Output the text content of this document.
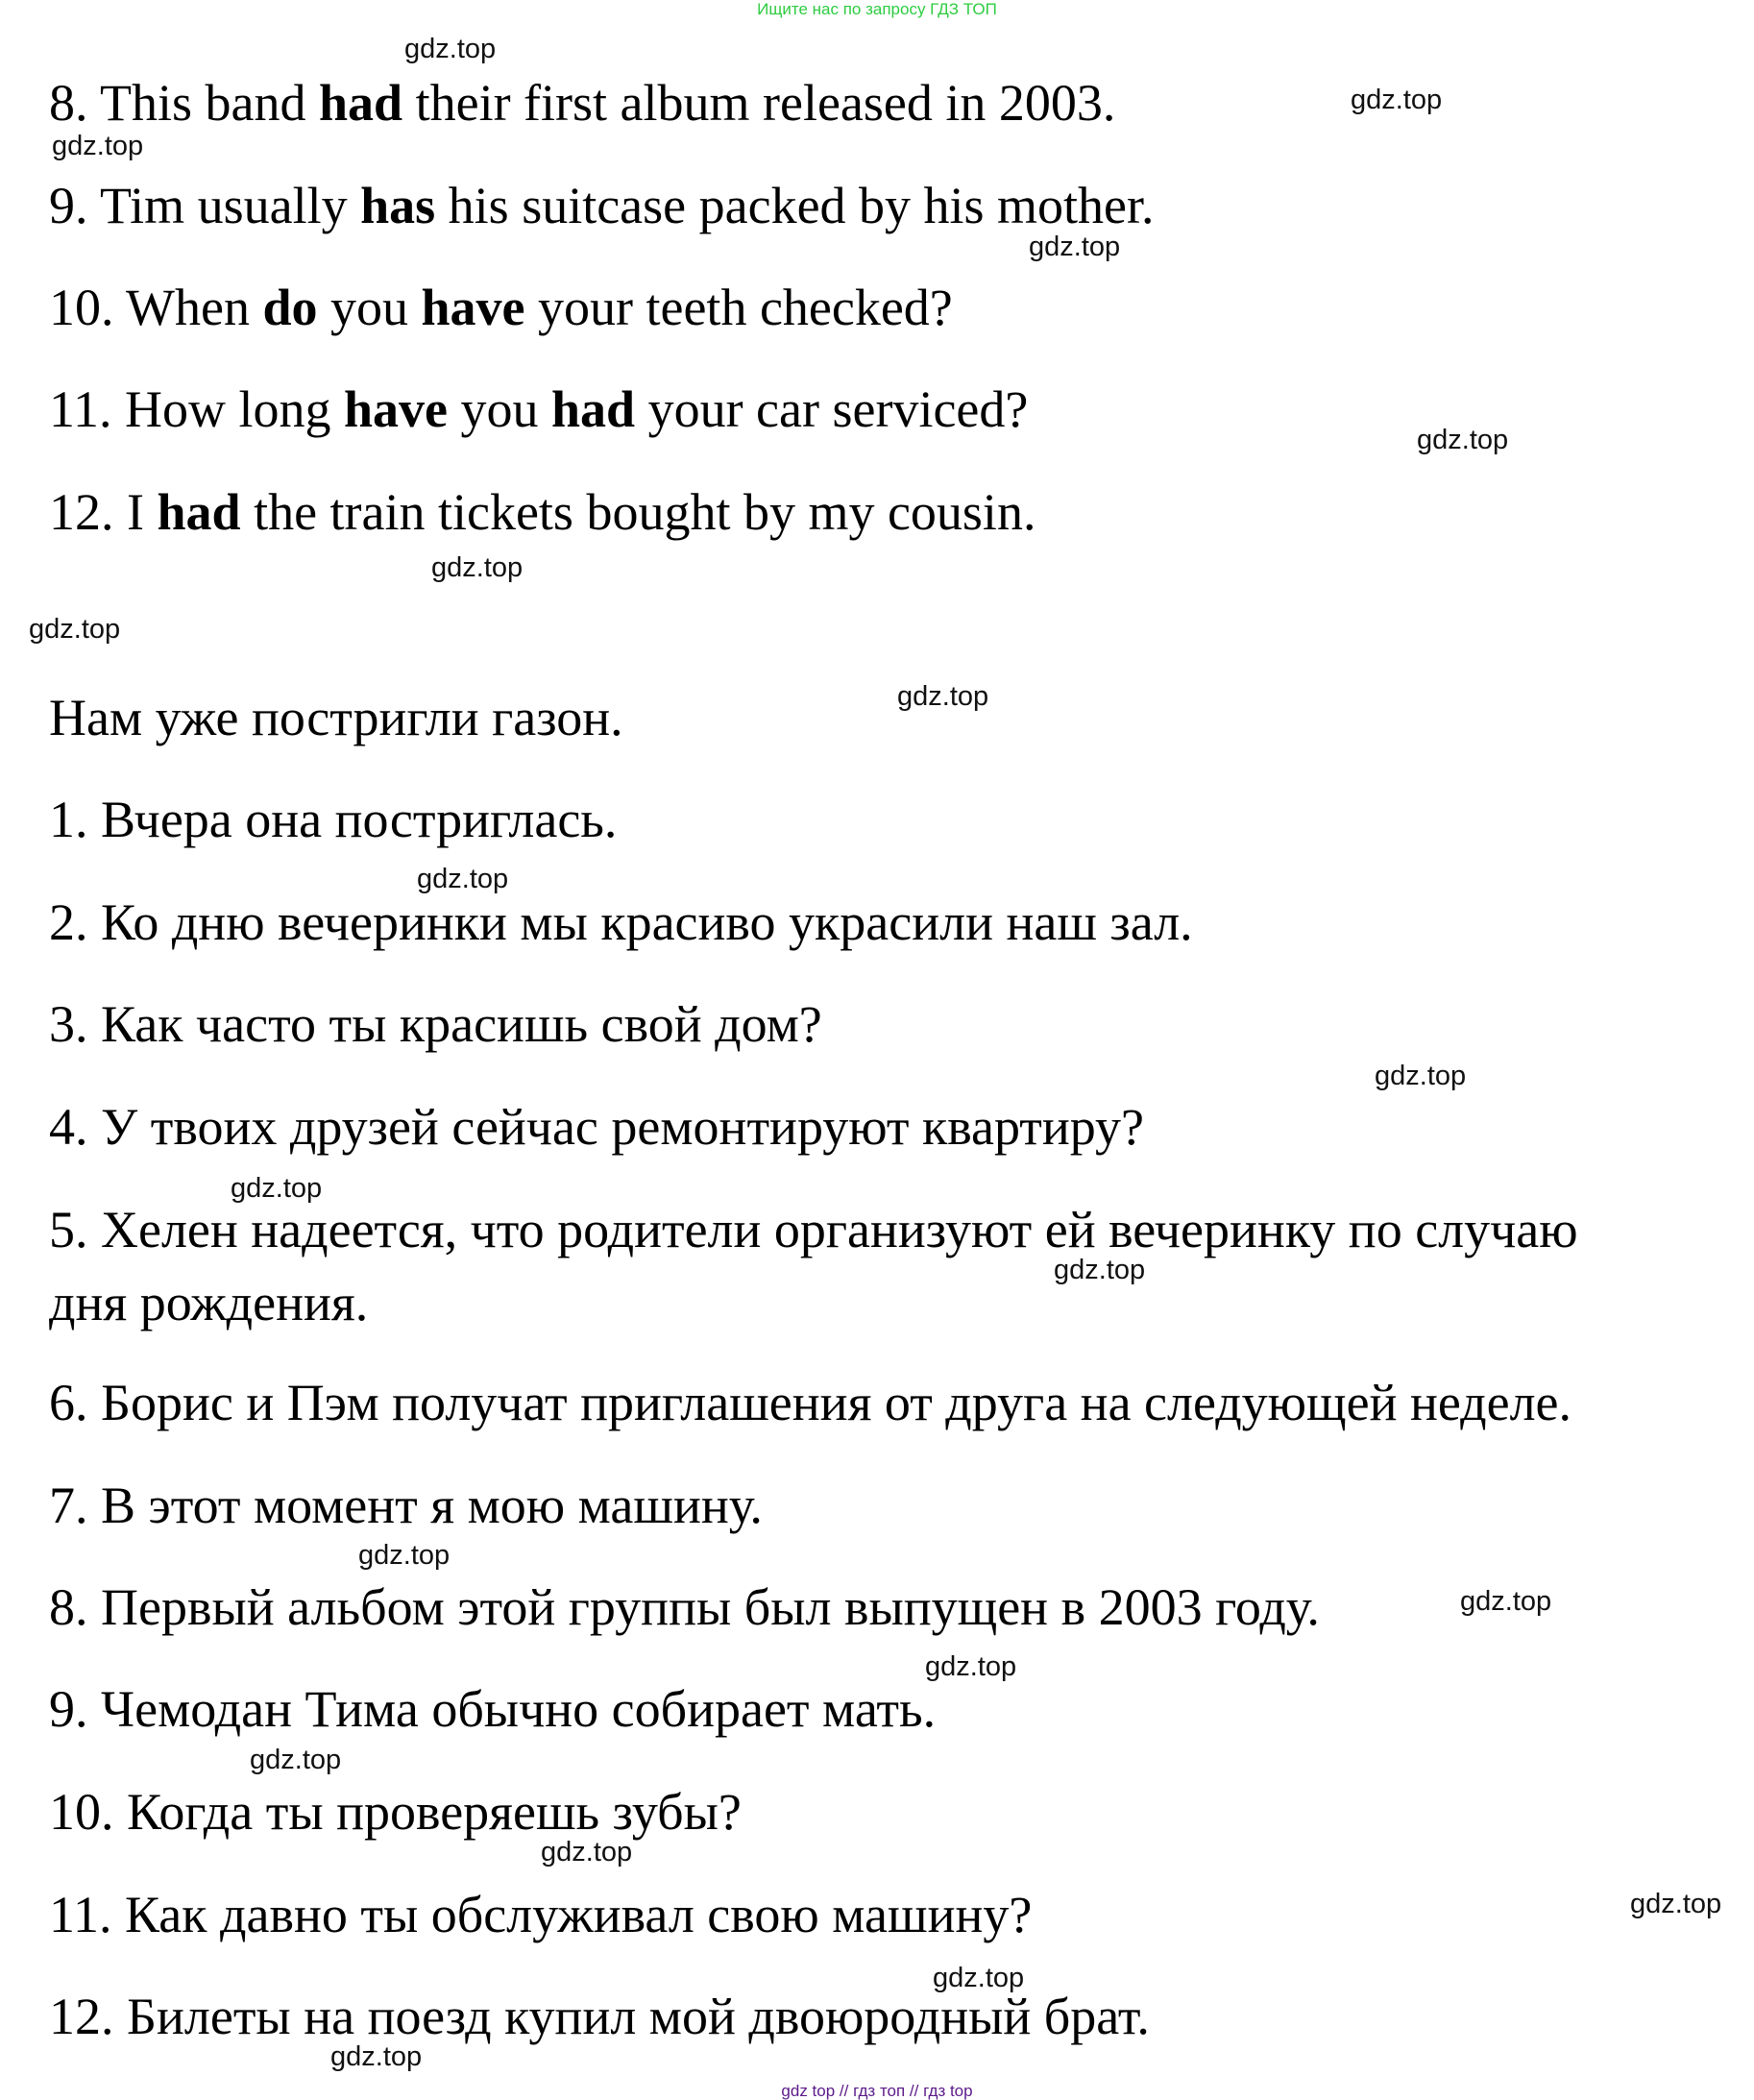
Ищите нас по запросу ГДЗ ТОП
8. This band had their first album released in 2003.
9. Tim usually has his suitcase packed by his mother.
10. When do you have your teeth checked?
11. How long have you had your car serviced?
12. I had the train tickets bought by my cousin.
Нам уже постригли газон.
1. Вчера она постриглась.
2. Ко дню вечеринки мы красиво украсили наш зал.
3. Как часто ты красишь свой дом?
4. У твоих друзей сейчас ремонтируют квартиру?
5. Хелен надеется, что родители организуют ей вечеринку по случаю
дня рождения.
6. Борис и Пэм получат приглашения от друга на следующей неделе.
7. В этот момент я мою машину.
8. Первый альбом этой группы был выпущен в 2003 году.
9. Чемодан Тима обычно собирает мать.
10. Когда ты проверяешь зубы?
11. Как давно ты обслуживал свою машину?
12. Билеты на поезд купил мой двоюродный брат.
gdz.top
gdz.top
gdz.top
gdz.top
gdz.top
gdz.top
gdz.top
gdz.top
gdz.top
gdz.top
gdz.top
gdz.top
gdz.top
gdz.top
gdz.top
gdz.top
gdz.top
gdz.top
gdz.top
gdz.top
gdz top // гдз топ // гдз top
